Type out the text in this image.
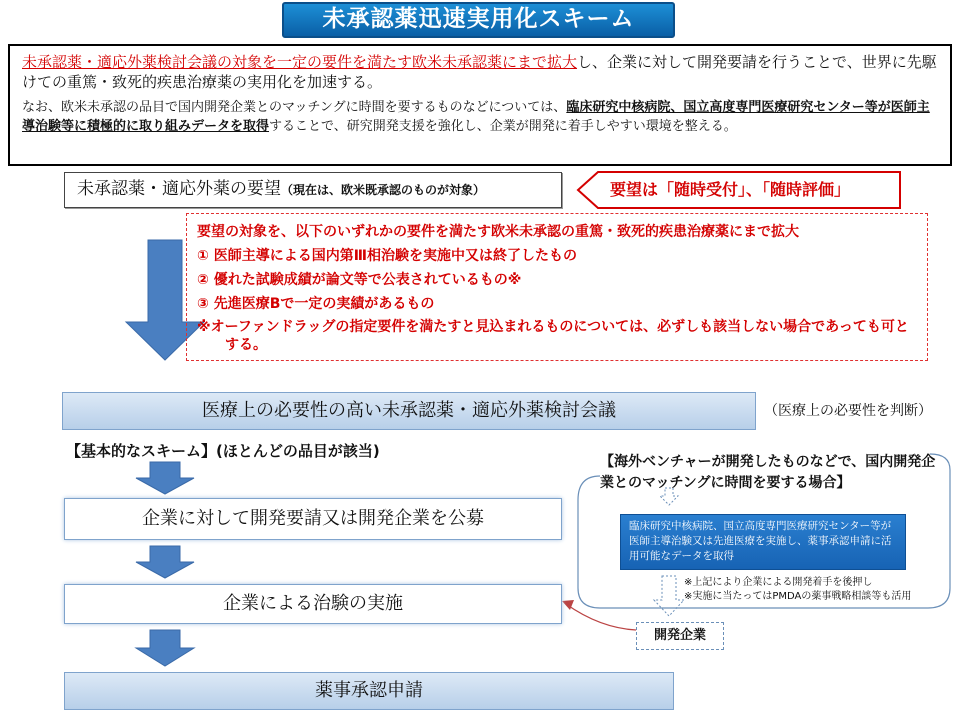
未承認薬迅速実用化スキーム
未承認薬・適応外薬検討会議の対象を一定の要件を満たす欧米未承認薬にまで拡大し、企業に対して開発要請を行うことで、世界に先駆けての重篤・致死的疾患治療薬の実用化を加速する。
なお、欧米未承認の品目で国内開発企業とのマッチングに時間を要するものなどについては、臨床研究中核病院、国立高度専門医療研究センター等が医師主導治験等に積極的に取り組みデータを取得することで、研究開発支援を強化し、企業が開発に着手しやすい環境を整える。
未承認薬・適応外薬の要望（現在は、欧米既承認のものが対象）	要望は「随時受付」、「随時評価」
要望の対象を、以下のいずれかの要件を満たす欧米未承認の重篤・致死的疾患治療薬にまで拡大
① 医師主導による国内第Ⅲ相治験を実施中又は終了したもの
② 優れた試験成績が論文等で公表されているもの※
③ 先進医療Bで一定の実績があるもの
※オーファンドラッグの指定要件を満たすと見込まれるものについては、必ずしも該当しない場合であっても可とする。
医療上の必要性の高い未承認薬・適応外薬検討会議	（医療上の必要性を判断）
【基本的なスキーム】(ほとんどの品目が該当)
企業に対して開発要請又は開発企業を公募
企業による治験の実施
薬事承認申請
【海外ベンチャーが開発したものなどで、国内開発企業とのマッチングに時間を要する場合】
臨床研究中核病院、国立高度専門医療研究センター等が医師主導治験又は先進医療を実施し、薬事承認申請に活用可能なデータを取得
※上記により企業による開発着手を後押し
※実施に当たってはPMDAの薬事戦略相談等も活用
開発企業
